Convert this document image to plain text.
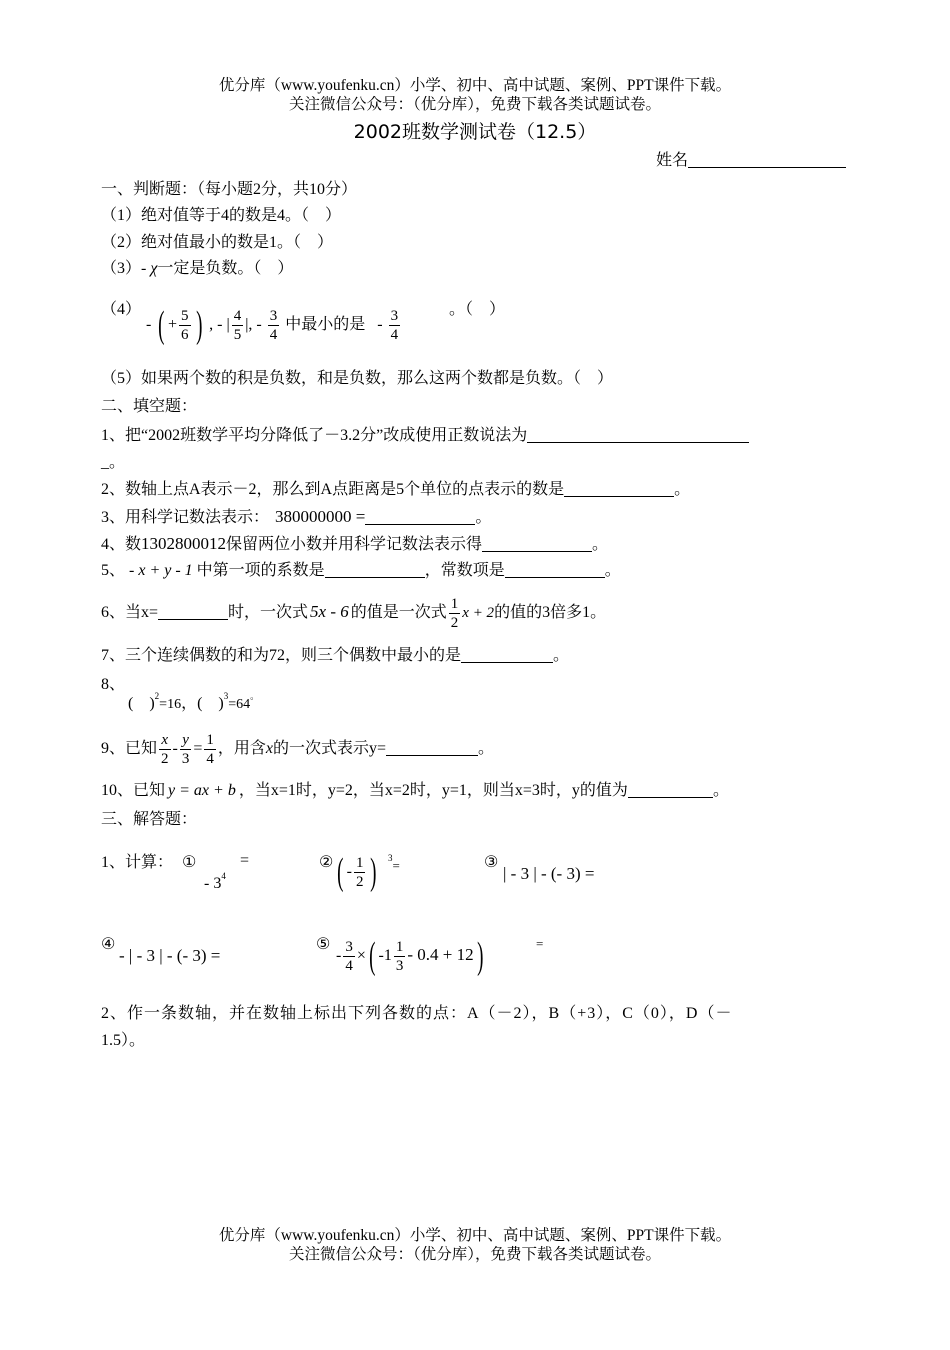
优分库（www.youfenku.cn）小学、初中、高中试题、案例、PPT课件下载。
关注微信公众号：（优分库），免费下载各类试题试卷。
2002班数学测试卷（12.5）
姓名
一、判断题：（每小题2分，共10分）
（1）绝对值等于4的数是4。（　）
（2）绝对值最小的数是1。（　）
（3）- χ一定是负数。（　）
（4）
- ( + $\frac{5}{6}$ ) , - | $\frac{4}{5}$ |, - $\frac{3}{4}$ 中最小的是 - $\frac{3}{4}$	。（　）
（5）如果两个数的积是负数，和是负数，那么这两个数都是负数。（　）
二、填空题：
1、把“2002班数学平均分降低了－3.2分”改成使用正数说法为
_。
2、数轴上点A表示－2，那么到A点距离是5个单位的点表示的数是	。
3、用科学记数法表示： 380000000 =	。
4、数1302800012保留两位小数并用科学记数法表示得	。
5、 - x + y - 1 中第一项的系数是	，常数项是	。
6、当x=	时，一次式 5x - 6 的值是一次式 $\frac{1}{2}$ x + 2的值的3倍多1。
7、三个连续偶数的和为72，则三个偶数中最小的是	。
8、
(　)$^2$=16，(　)$^3$=64。
9、已知 $\frac{x}{2} - \frac{y}{3} = \frac{1}{4}$ ，用含x的一次式表示y=	。
10、已知 y = ax + b ，当x=1时，y=2，当x=2时，y=1，则当x=3时，y的值为	。
三、解答题：
1、计算： ①
- $3^4$
=	② ( - $\frac{1}{2}$ )	$^3$=	③
| - 3 | - (- 3) =
④
- | - 3 | - (- 3) =
⑤
- $\frac{3}{4}$ ×( $-1 \frac{1}{3} - 0.4 + 12$)	=
2、作一条数轴，并在数轴上标出下列各数的点：A（－2），B（+3），C（0），D（－
1.5）。
优分库（www.youfenku.cn）小学、初中、高中试题、案例、PPT课件下载。
关注微信公众号：（优分库），免费下载各类试题试卷。
